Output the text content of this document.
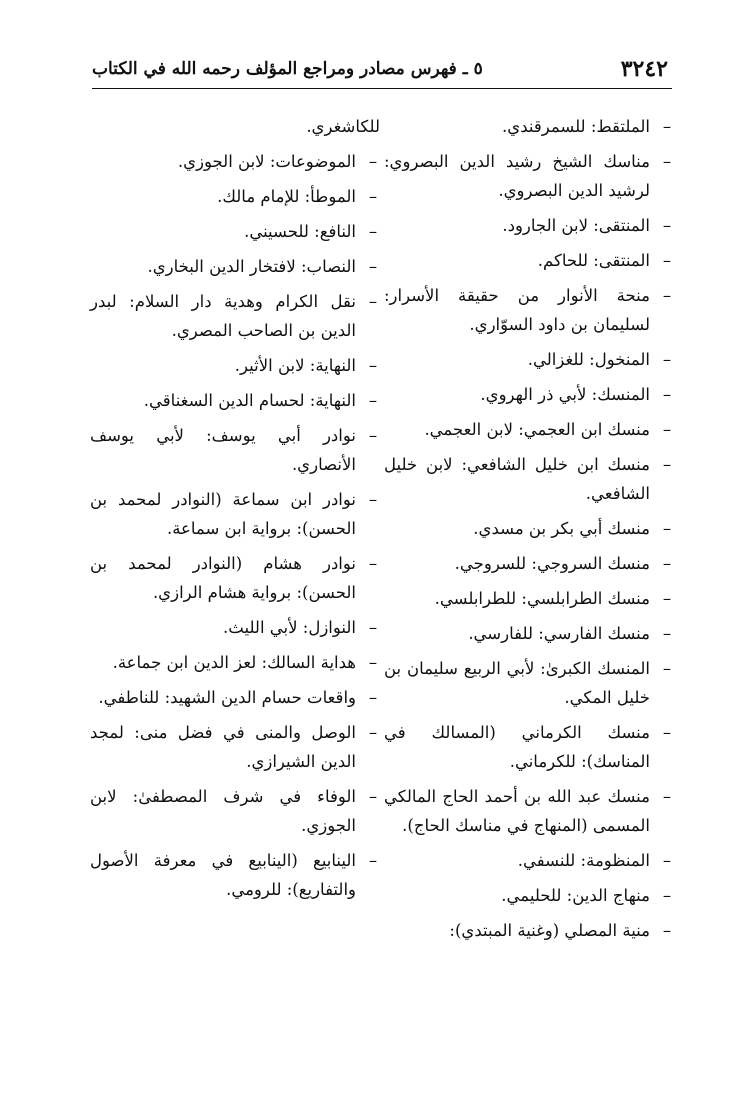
٣٢٤٢
٥ ـ فهرس مصادر ومراجع المؤلف رحمه الله في الكتاب
–
الملتقط: للسمرقندي.
–
مناسك الشيخ رشيد الدين البصروي: لرشيد الدين البصروي.
–
المنتقى: لابن الجارود.
–
المنتقى: للحاكم.
–
منحة الأنوار من حقيقة الأسرار: لسليمان بن داود السوّاري.
–
المنخول: للغزالي.
–
المنسك: لأبي ذر الهروي.
–
منسك ابن العجمي: لابن العجمي.
–
منسك ابن خليل الشافعي: لابن خليل الشافعي.
–
منسك أبي بكر بن مسدي.
–
منسك السروجي: للسروجي.
–
منسك الطرابلسي: للطرابلسي.
–
منسك الفارسي: للفارسي.
–
المنسك الكبرىٰ: لأبي الربيع سليمان بن خليل المكي.
–
منسك الكرماني (المسالك في المناسك): للكرماني.
–
منسك عبد الله بن أحمد الحاج المالكي المسمى (المنهاج في مناسك الحاج).
–
المنظومة: للنسفي.
–
منهاج الدين: للحليمي.
–
منية المصلي (وغنية المبتدي):
للكاشغري.
–
الموضوعات: لابن الجوزي.
–
الموطأ: للإمام مالك.
–
النافع: للحسيني.
–
النصاب: لافتخار الدين البخاري.
–
نقل الكرام وهدية دار السلام: لبدر الدين بن الصاحب المصري.
–
النهاية: لابن الأثير.
–
النهاية: لحسام الدين السغناقي.
–
نوادر أبي يوسف: لأبي يوسف الأنصاري.
–
نوادر ابن سماعة (النوادر لمحمد بن الحسن): برواية ابن سماعة.
–
نوادر هشام (النوادر لمحمد بن الحسن): برواية هشام الرازي.
–
النوازل: لأبي الليث.
–
هداية السالك: لعز الدين ابن جماعة.
–
واقعات حسام الدين الشهيد: للناطفي.
–
الوصل والمنى في فضل منى: لمجد الدين الشيرازي.
–
الوفاء في شرف المصطفىٰ: لابن الجوزي.
–
الينابيع (الينابيع في معرفة الأصول والتفاريع): للرومي.
